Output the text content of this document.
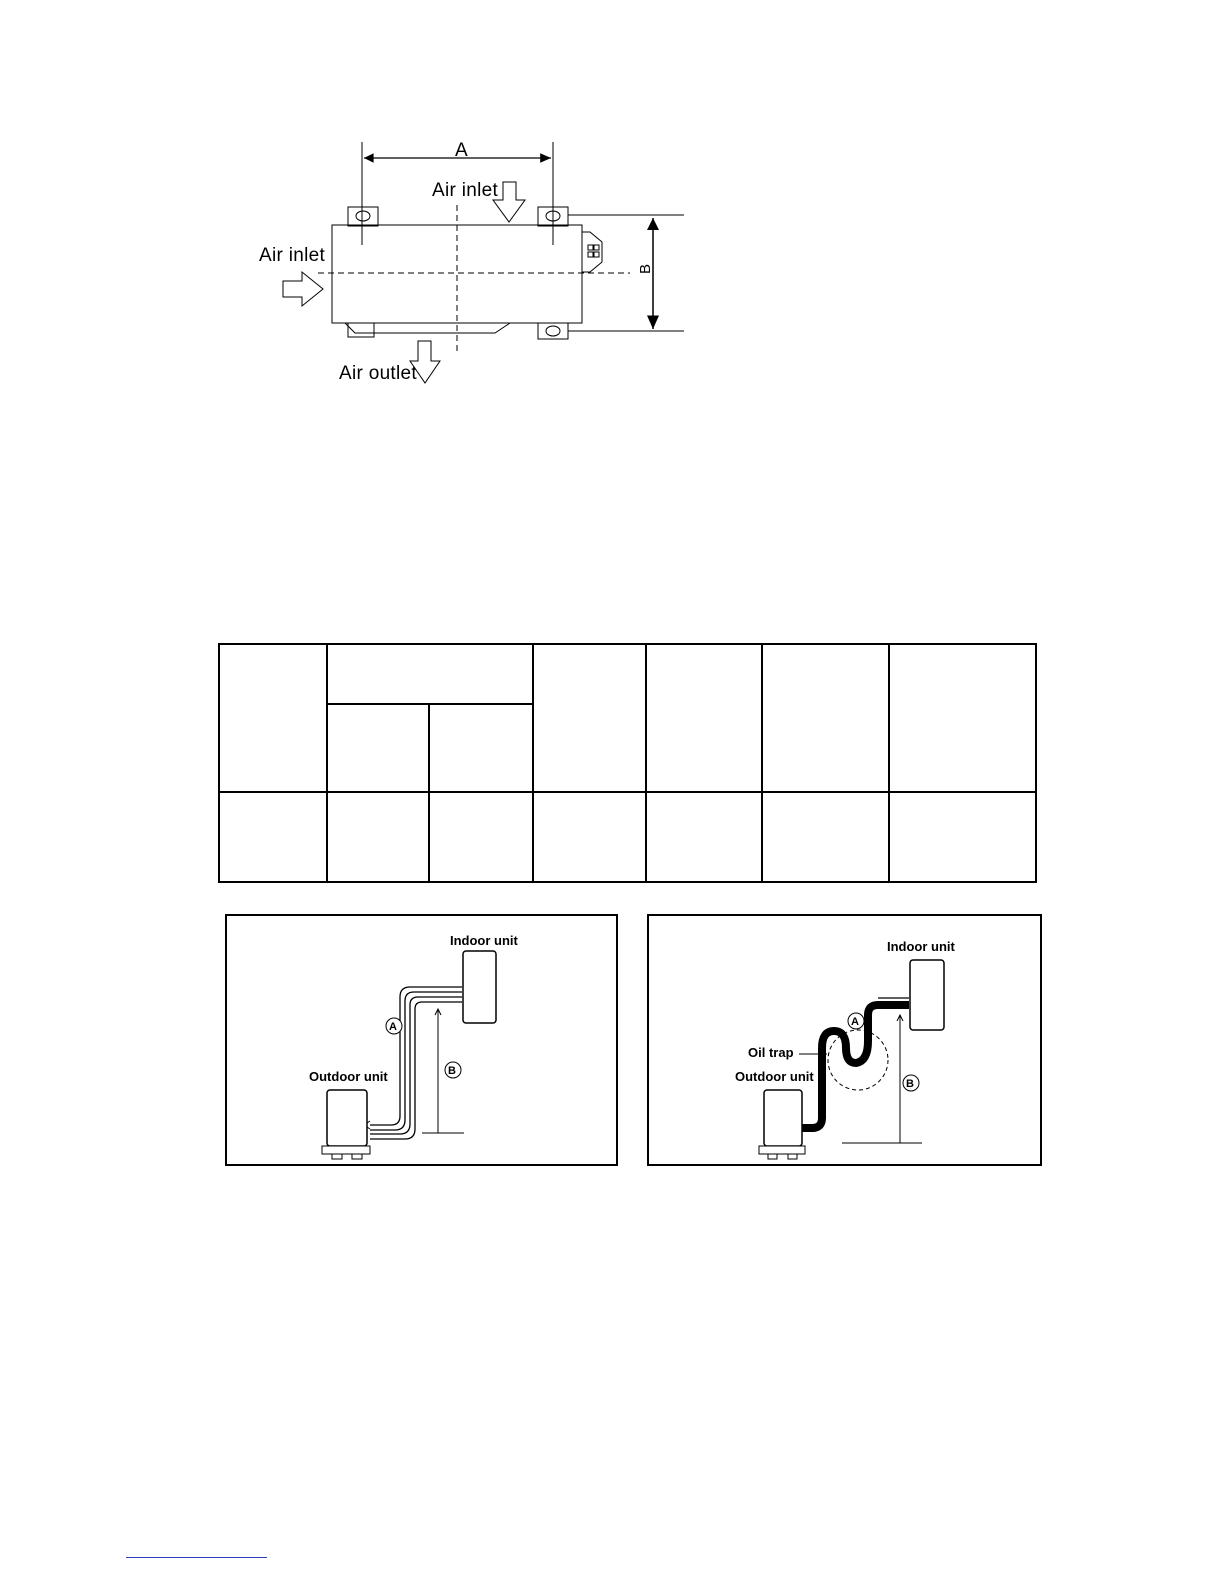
A
B
Air inlet
Air inlet
Air outlet

Indoor unit
A
B
Outdoor unit
Indoor unit
Oil trap
A
B
Outdoor unit
